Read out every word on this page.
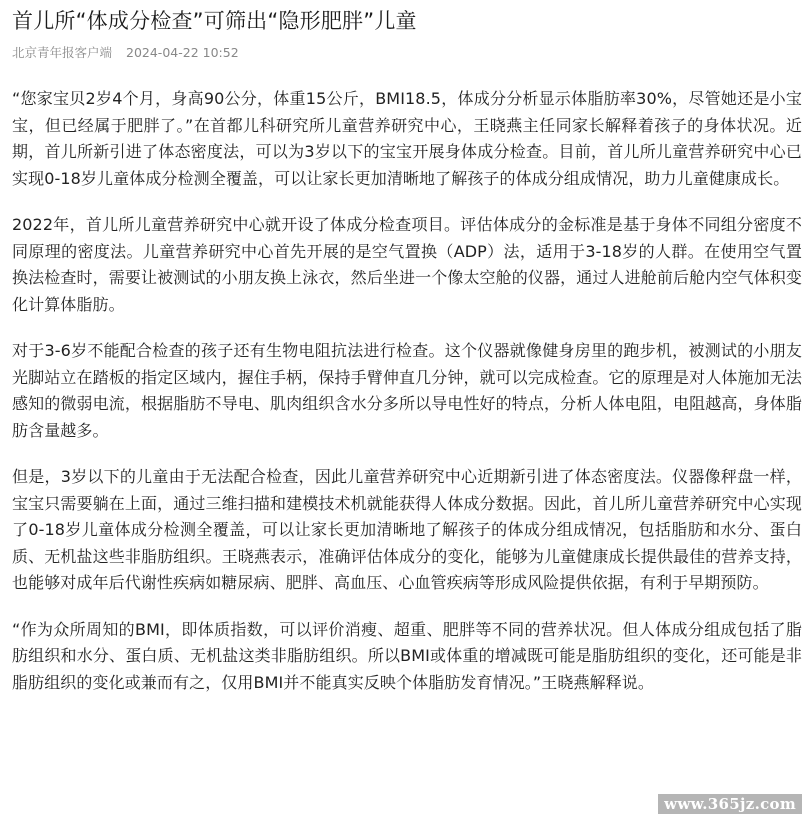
首儿所“体成分检查”可筛出“隐形肥胖”儿童
北京青年报客户端 2024-04-22 10:52

“您家宝贝2岁4个月，身高90公分，体重15公斤，BMI18.5，体成分分析显示体脂肪率30%，尽管她还是小宝宝，但已经属于肥胖了。”在首都儿科研究所儿童营养研究中心，王晓燕主任同家长解释着孩子的身体状况。近期，首儿所新引进了体态密度法，可以为3岁以下的宝宝开展身体成分检查。目前，首儿所儿童营养研究中心已实现0-18岁儿童体成分检测全覆盖，可以让家长更加清晰地了解孩子的体成分组成情况，助力儿童健康成长。

2022年，首儿所儿童营养研究中心就开设了体成分检查项目。评估体成分的金标准是基于身体不同组分密度不同原理的密度法。儿童营养研究中心首先开展的是空气置换（ADP）法，适用于3-18岁的人群。在使用空气置换法检查时，需要让被测试的小朋友换上泳衣，然后坐进一个像太空舱的仪器，通过人进舱前后舱内空气体积变化计算体脂肪。

对于3-6岁不能配合检查的孩子还有生物电阻抗法进行检查。这个仪器就像健身房里的跑步机，被测试的小朋友光脚站立在踏板的指定区域内，握住手柄，保持手臂伸直几分钟，就可以完成检查。它的原理是对人体施加无法感知的微弱电流，根据脂肪不导电、肌肉组织含水分多所以导电性好的特点，分析人体电阻，电阻越高，身体脂肪含量越多。

但是，3岁以下的儿童由于无法配合检查，因此儿童营养研究中心近期新引进了体态密度法。仪器像秤盘一样，宝宝只需要躺在上面，通过三维扫描和建模技术机就能获得人体成分数据。因此，首儿所儿童营养研究中心实现了0-18岁儿童体成分检测全覆盖，可以让家长更加清晰地了解孩子的体成分组成情况，包括脂肪和水分、蛋白质、无机盐这些非脂肪组织。王晓燕表示，准确评估体成分的变化，能够为儿童健康成长提供最佳的营养支持，也能够对成年后代谢性疾病如糖尿病、肥胖、高血压、心血管疾病等形成风险提供依据，有利于早期预防。

“作为众所周知的BMI，即体质指数，可以评价消瘦、超重、肥胖等不同的营养状况。但人体成分组成包括了脂肪组织和水分、蛋白质、无机盐这类非脂肪组织。所以BMI或体重的增减既可能是脂肪组织的变化，还可能是非脂肪组织的变化或兼而有之，仅用BMI并不能真实反映个体脂肪发育情况。”王晓燕解释说。

www.365jz.com
